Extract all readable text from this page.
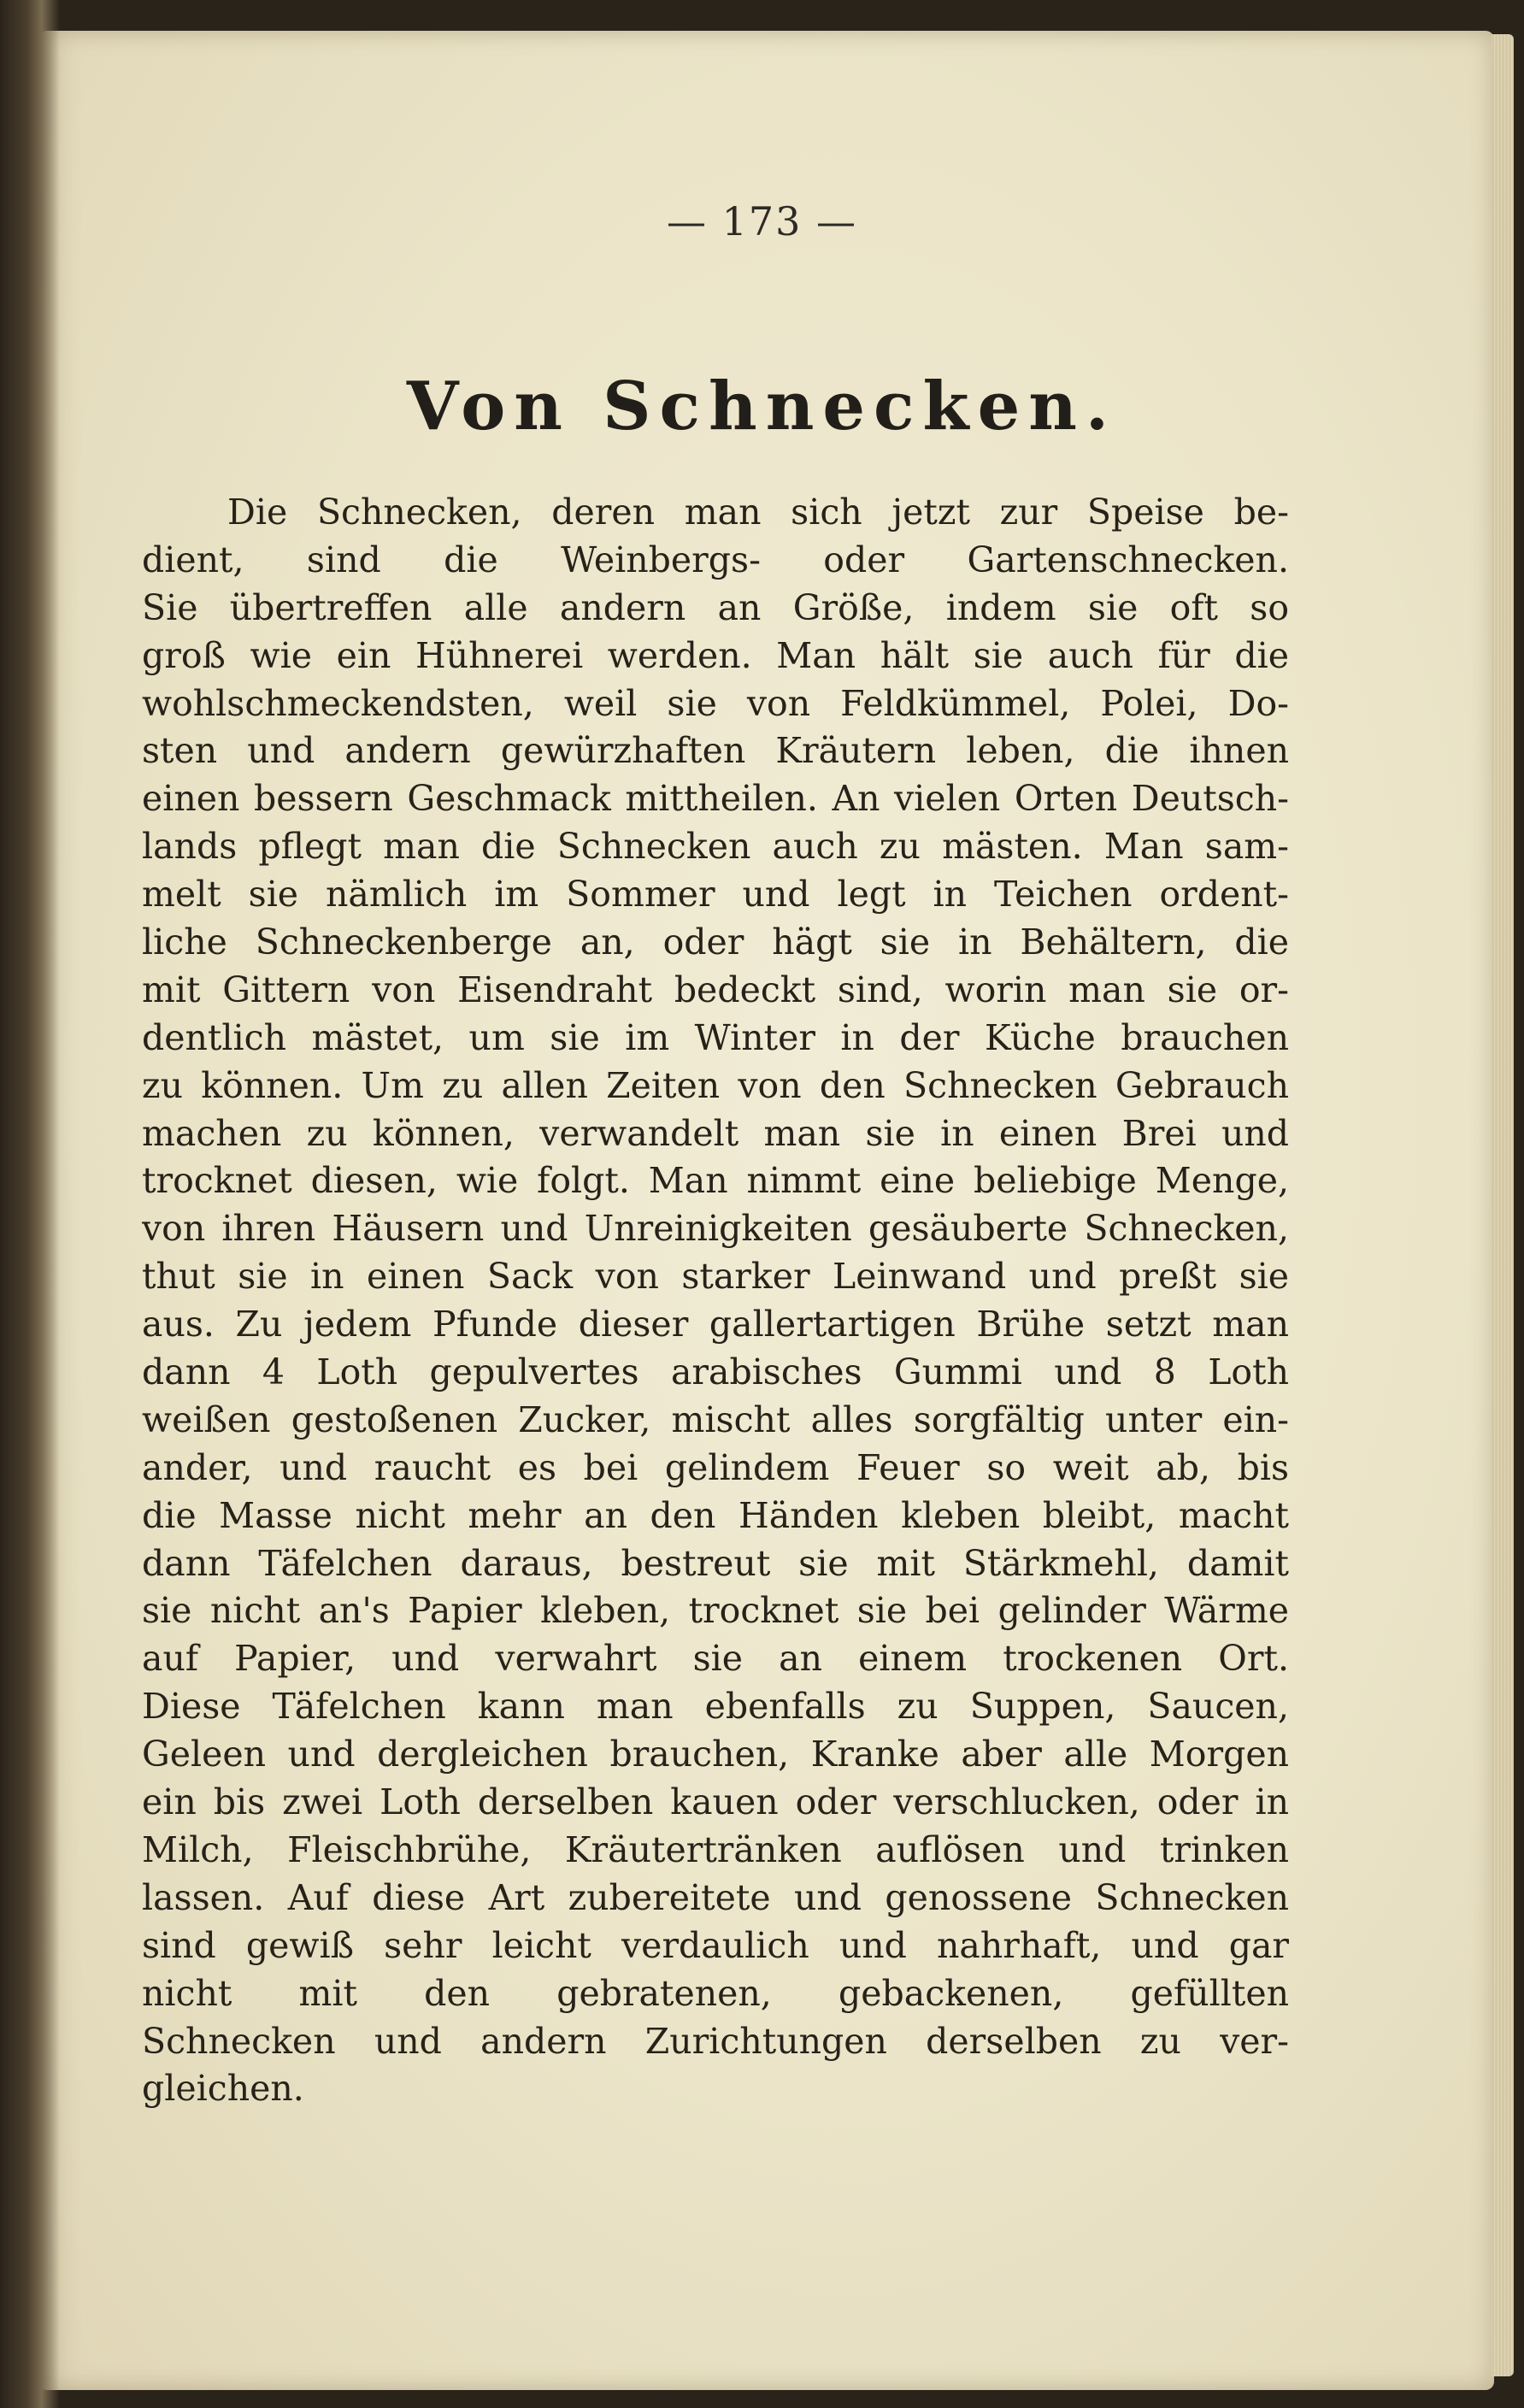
— 173 —
Von Schnecken.
Die Schnecken, deren man sich jetzt zur Speise be-
dient, sind die Weinbergs- oder Gartenschnecken.
Sie übertreffen alle andern an Größe, indem sie oft so
groß wie ein Hühnerei werden. Man hält sie auch für die
wohlschmeckendsten, weil sie von Feldkümmel, Polei, Do-
sten und andern gewürzhaften Kräutern leben, die ihnen
einen bessern Geschmack mittheilen. An vielen Orten Deutsch-
lands pflegt man die Schnecken auch zu mästen. Man sam-
melt sie nämlich im Sommer und legt in Teichen ordent-
liche Schneckenberge an, oder hägt sie in Behältern, die
mit Gittern von Eisendraht bedeckt sind, worin man sie or-
dentlich mästet, um sie im Winter in der Küche brauchen
zu können. Um zu allen Zeiten von den Schnecken Gebrauch
machen zu können, verwandelt man sie in einen Brei und
trocknet diesen, wie folgt. Man nimmt eine beliebige Menge,
von ihren Häusern und Unreinigkeiten gesäuberte Schnecken,
thut sie in einen Sack von starker Leinwand und preßt sie
aus. Zu jedem Pfunde dieser gallertartigen Brühe setzt man
dann 4 Loth gepulvertes arabisches Gummi und 8 Loth
weißen gestoßenen Zucker, mischt alles sorgfältig unter ein-
ander, und raucht es bei gelindem Feuer so weit ab, bis
die Masse nicht mehr an den Händen kleben bleibt, macht
dann Täfelchen daraus, bestreut sie mit Stärkmehl, damit
sie nicht an's Papier kleben, trocknet sie bei gelinder Wärme
auf Papier, und verwahrt sie an einem trockenen Ort.
Diese Täfelchen kann man ebenfalls zu Suppen, Saucen,
Geleen und dergleichen brauchen, Kranke aber alle Morgen
ein bis zwei Loth derselben kauen oder verschlucken, oder in
Milch, Fleischbrühe, Kräutertränken auflösen und trinken
lassen. Auf diese Art zubereitete und genossene Schnecken
sind gewiß sehr leicht verdaulich und nahrhaft, und gar
nicht mit den gebratenen, gebackenen, gefüllten
Schnecken und andern Zurichtungen derselben zu ver-
gleichen.
